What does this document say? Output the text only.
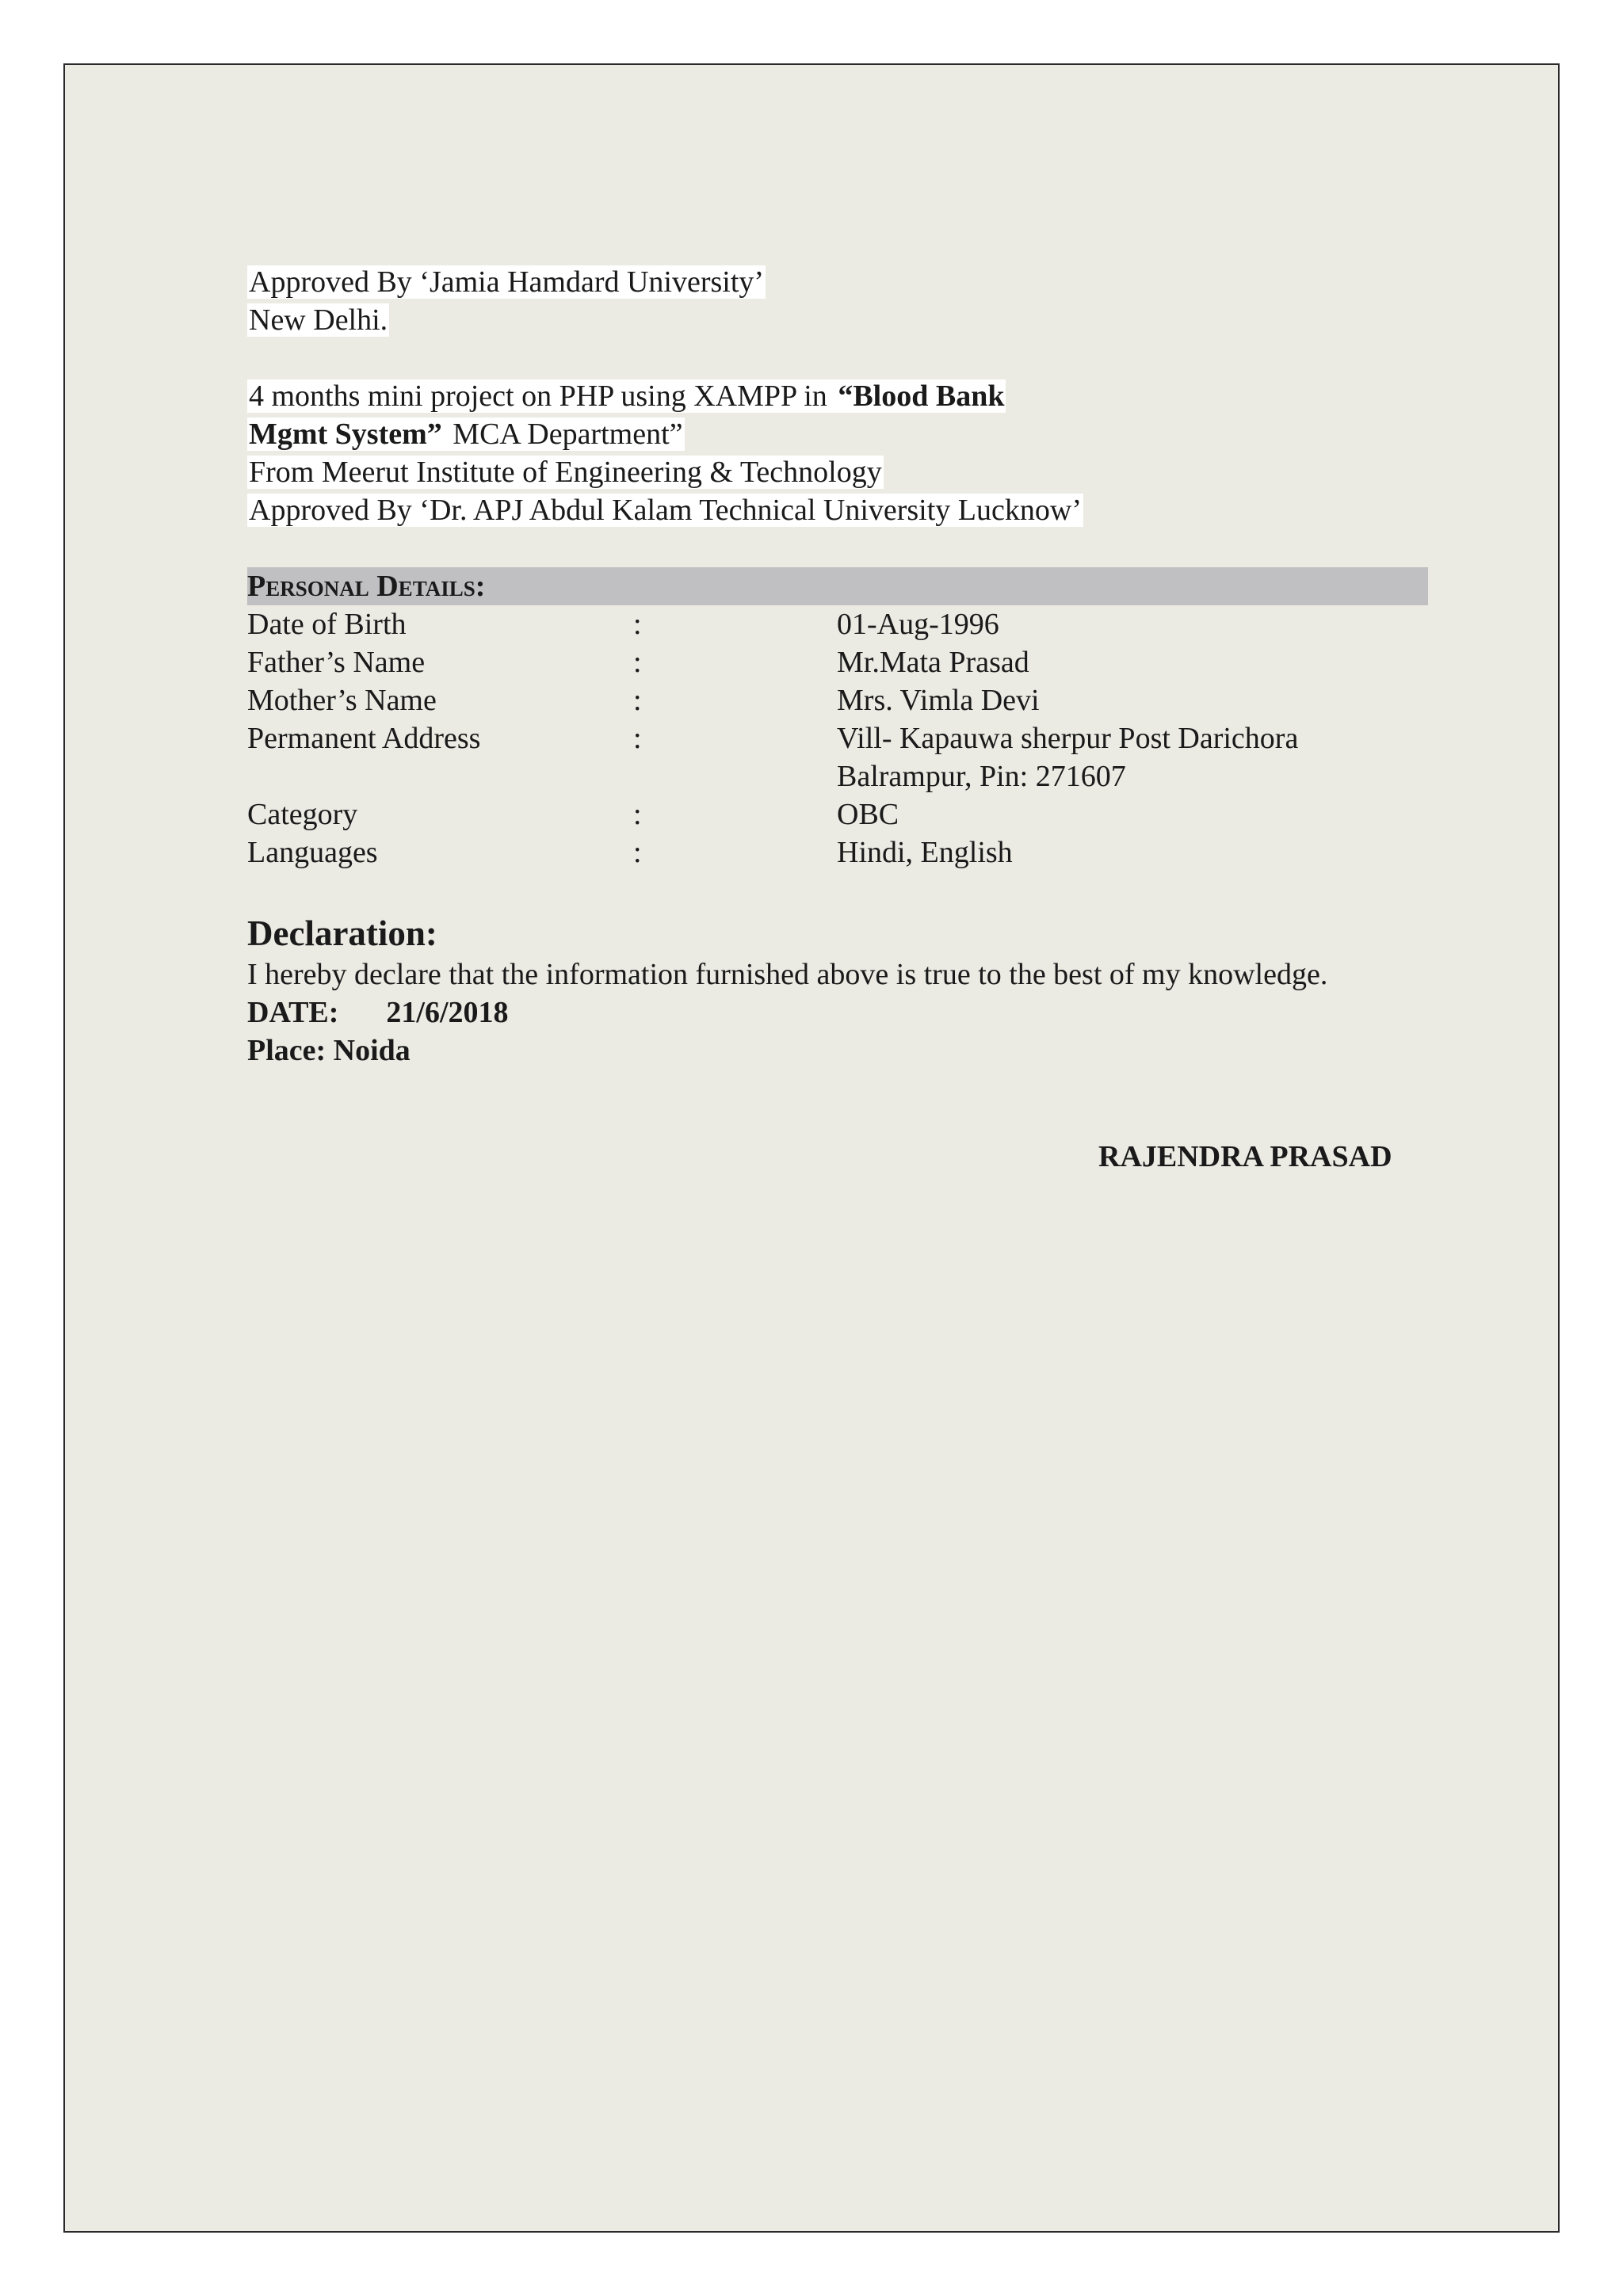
Approved By ‘Jamia Hamdard University’
New Delhi.
4 months mini project on PHP using XAMPP in “Blood Bank
Mgmt System” MCA Department”
From Meerut Institute of Engineering & Technology
Approved By ‘Dr. APJ Abdul Kalam Technical University Lucknow’
Personal Details:
Date of Birth	:	01-Aug-1996
Father’s Name	:	Mr.Mata Prasad
Mother’s Name	:	Mrs. Vimla Devi
Permanent Address	:	Vill- Kapauwa sherpur Post Darichora
Balrampur, Pin: 271607
Category	:	OBC
Languages	:	Hindi, English
Declaration:
I hereby declare that the information furnished above is true to the best of my knowledge.
DATE: 21/6/2018
Place: Noida
RAJENDRA PRASAD
